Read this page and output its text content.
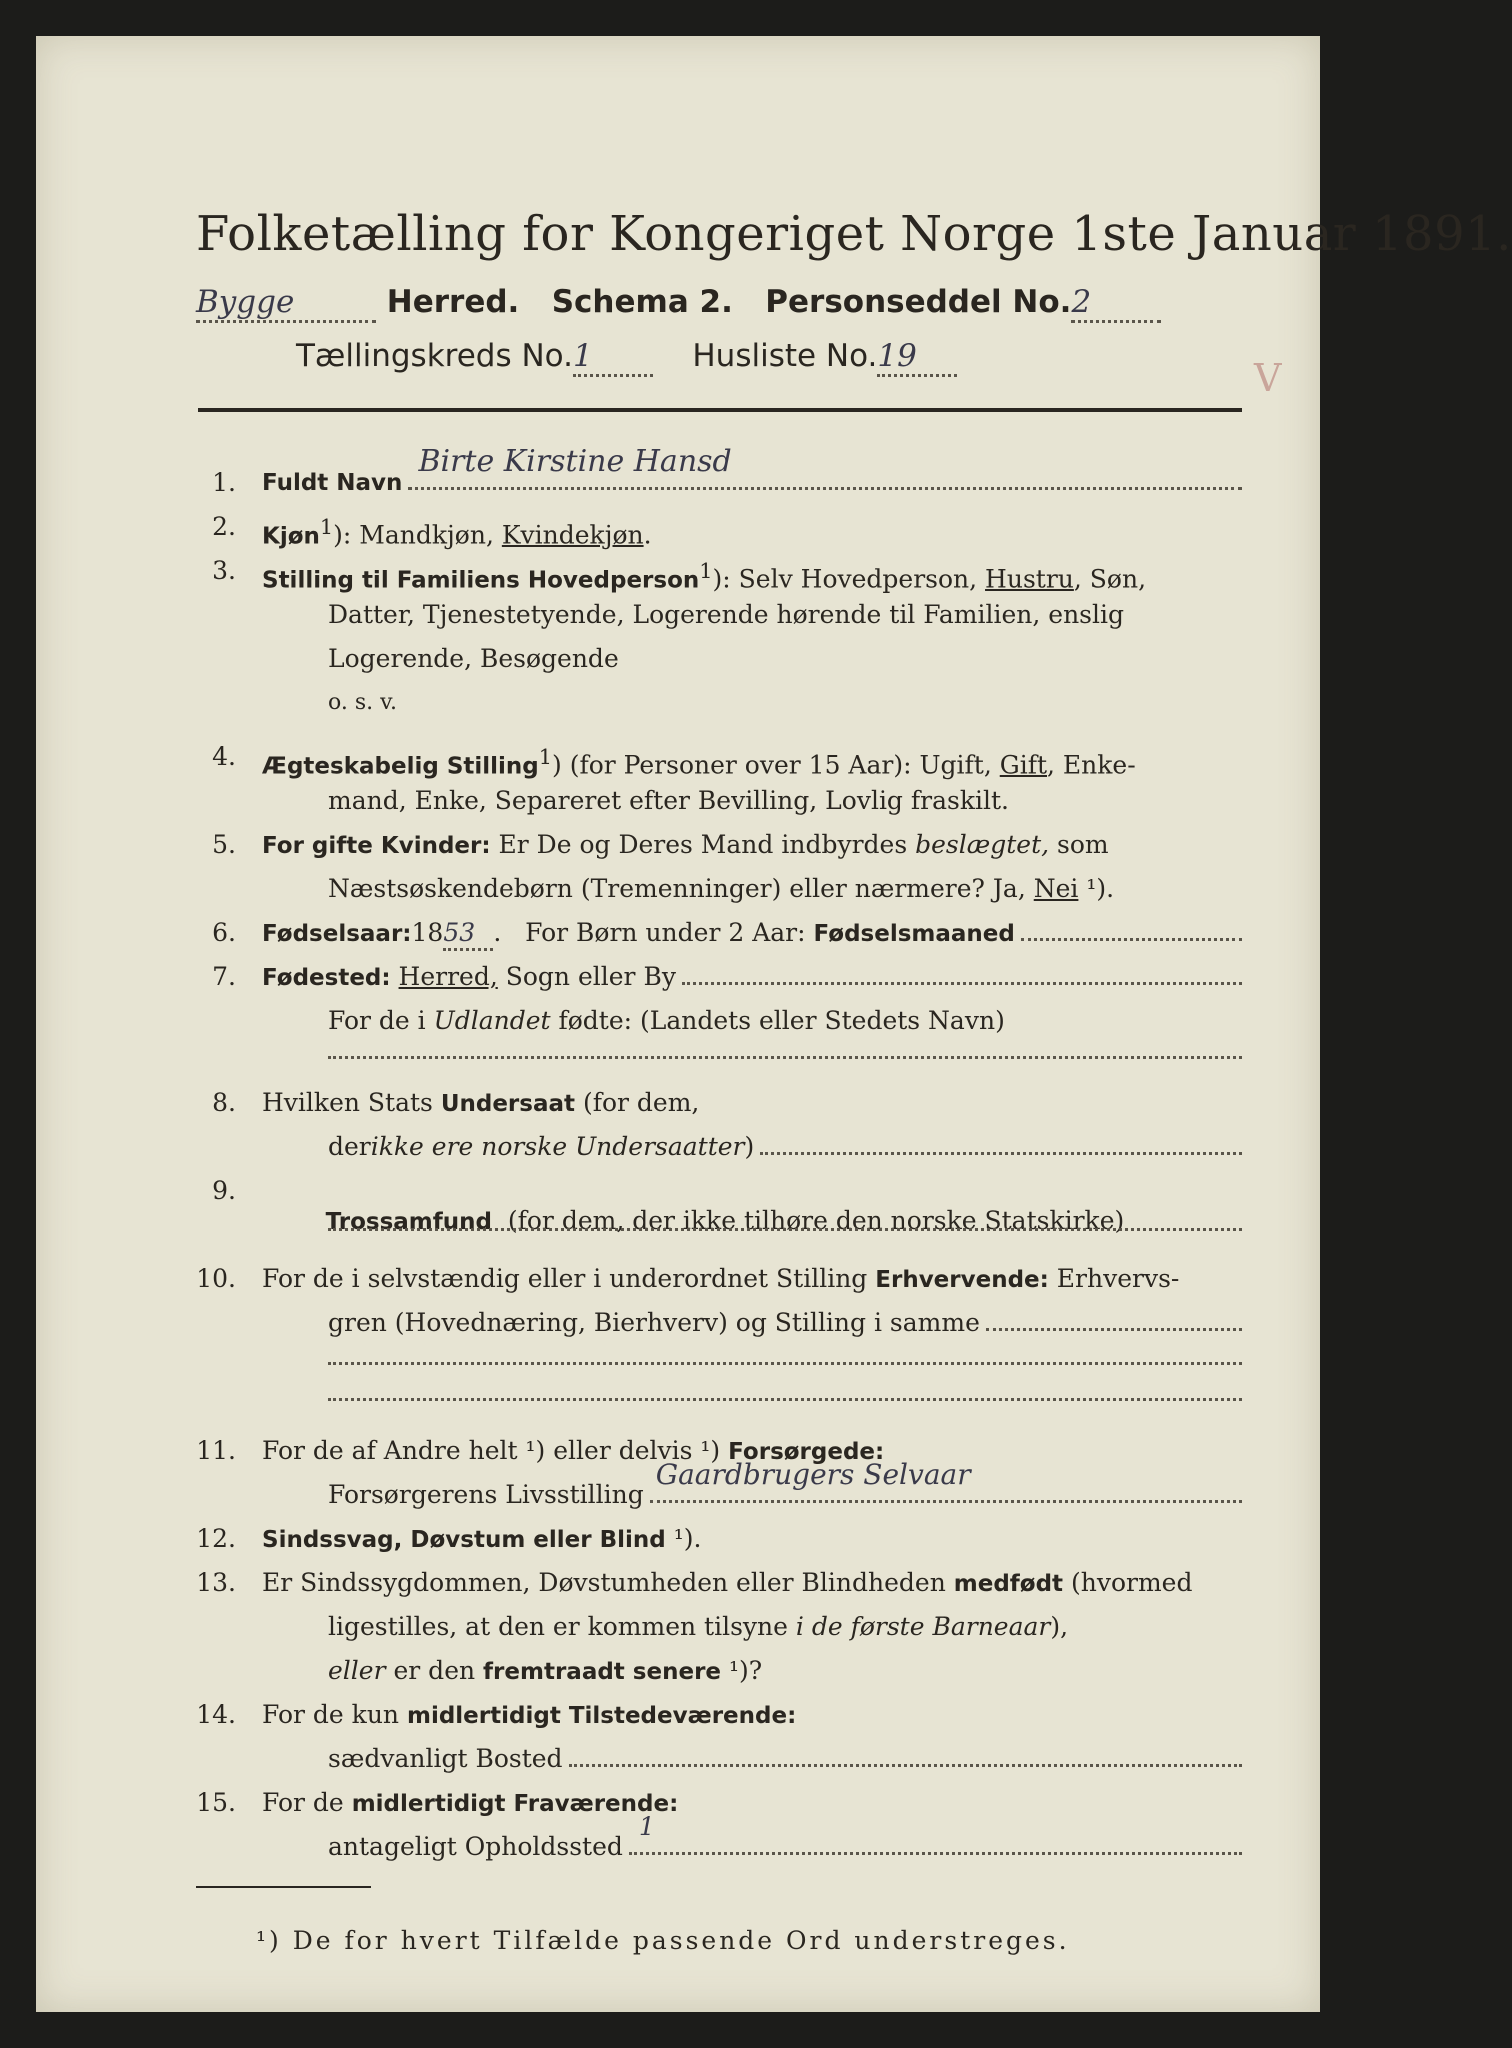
Folketælling for Kongeriget Norge 1ste Januar 1891.
Bygge	Herred. Schema 2. Personseddel No.2
Tællingskreds No.1	Husliste No.19	V
1. Fuldt Navn
Birte Kirstine Hansd
2. Kjøn$^1$): Mandkjøn, Kvindekjøn.
3. Stilling til Familiens Hovedperson$^1$): Selv Hovedperson, Hustru, Søn,
Datter, Tjenestetyende, Logerende hørende til Familien, enslig
Logerende, Besøgende
o. s. v.
4. Ægteskabelig Stilling$^1$) (for Personer over 15 Aar): Ugift, Gift, Enke-
mand, Enke, Separeret efter Bevilling, Lovlig fraskilt.
5. For gifte Kvinder: Er De og Deres Mand indbyrdes beslægtet, som
Næstsøskendebørn (Tremenninger) eller nærmere? Ja, Nei ¹).
6. Fødselsaar: 18 53 .   For Børn under 2 Aar: Fødselsmaaned
7. Fødested:
Herred, Sogn eller By
For de i Udlandet fødte: (Landets eller Stedets Navn)
8. Hvilken Stats Undersaat (for dem,
der ikke ere norske Undersaatter )
9.

Trossamfund  (for dem, der ikke tilhøre den norske Statskirke)

10. For de i selvstændig eller i underordnet Stilling Erhvervende: Erhvervs-
gren (Hovednæring, Bierhverv) og Stilling i samme
11. For de af Andre helt ¹) eller delvis ¹) Forsørgede:
Forsørgerens Livsstilling
Gaardbrugers Selvaar
12. Sindssvag, Døvstum eller Blind ¹).
13. Er Sindssygdommen, Døvstumheden eller Blindheden medfødt (hvormed
ligestilles, at den er kommen tilsyne i de første Barneaar),
eller er den fremtraadt senere ¹)?
14. For de kun midlertidigt Tilstedeværende:
sædvanligt Bosted
15. For de midlertidigt Fraværende:
antageligt Opholdssted
1
¹) De for hvert Tilfælde passende Ord understreges.
